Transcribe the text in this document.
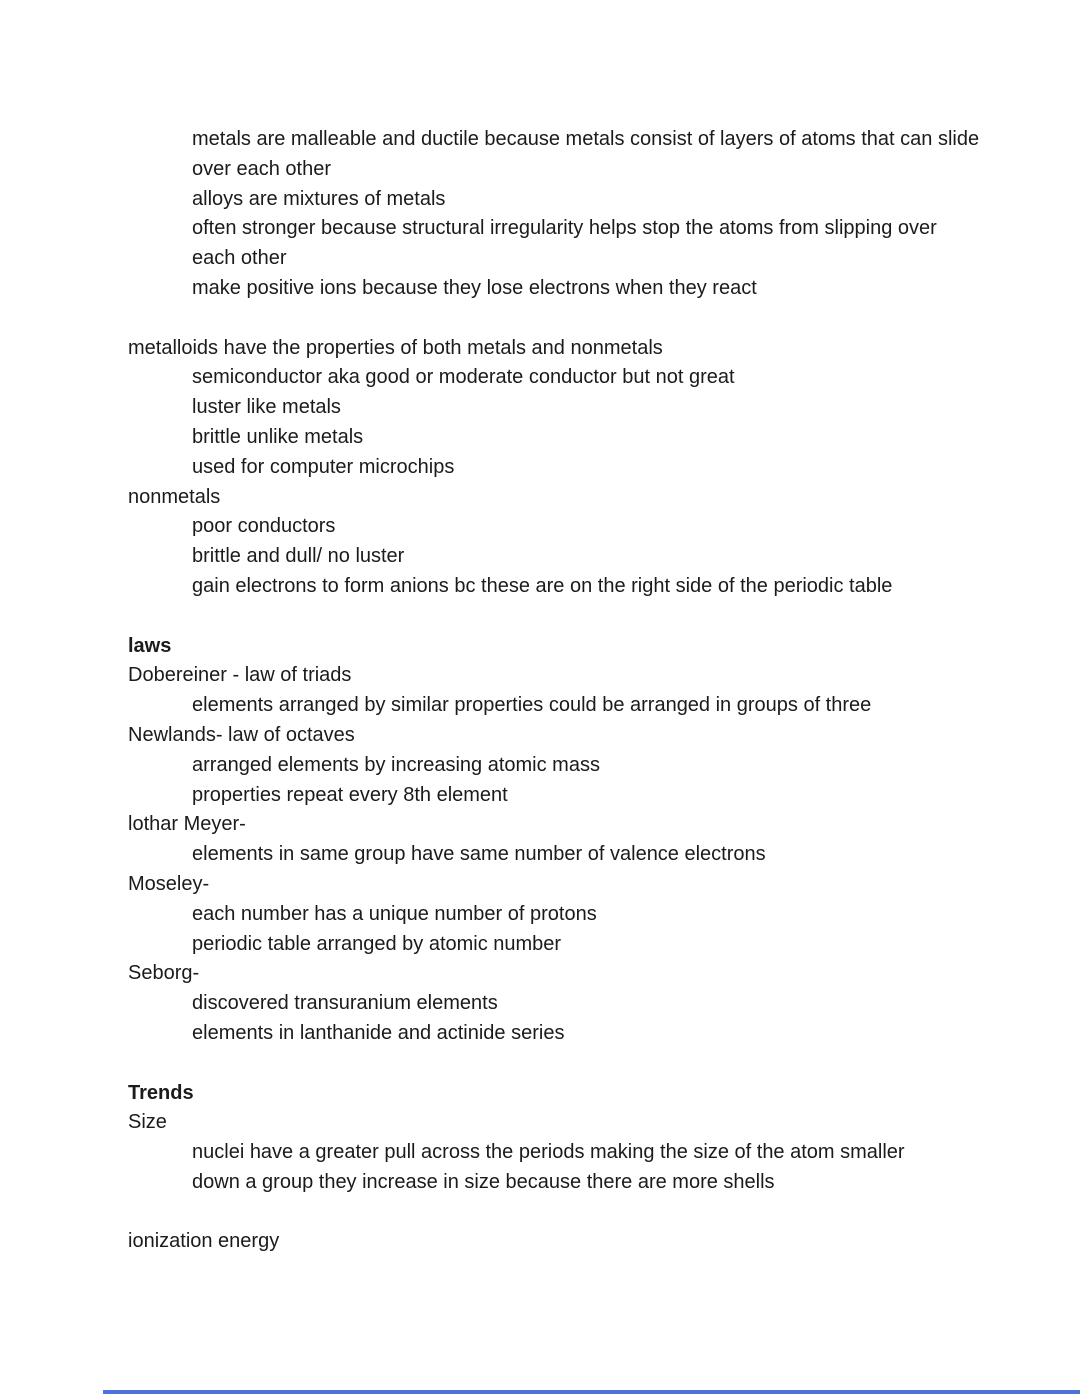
metals are malleable and ductile because metals consist of layers of atoms that can slide
over each other
alloys are mixtures of metals
often stronger because structural irregularity helps stop the atoms from slipping over
each other
make positive ions because they lose electrons when they react

metalloids have the properties of both metals and nonmetals
semiconductor aka good or moderate conductor but not great
luster like metals
brittle unlike metals
used for computer microchips
nonmetals
poor conductors
brittle and dull/ no luster
gain electrons to form anions bc these are on the right side of the periodic table

laws
Dobereiner - law of triads
elements arranged by similar properties could be arranged in groups of three
Newlands- law of octaves
arranged elements by increasing atomic mass
properties repeat every 8th element
lothar Meyer-
elements in same group have same number of valence electrons
Moseley-
each number has a unique number of protons
periodic table arranged by atomic number
Seborg-
discovered transuranium elements
elements in lanthanide and actinide series

Trends
Size
nuclei have a greater pull across the periods making the size of the atom smaller
down a group they increase in size because there are more shells

ionization energy
